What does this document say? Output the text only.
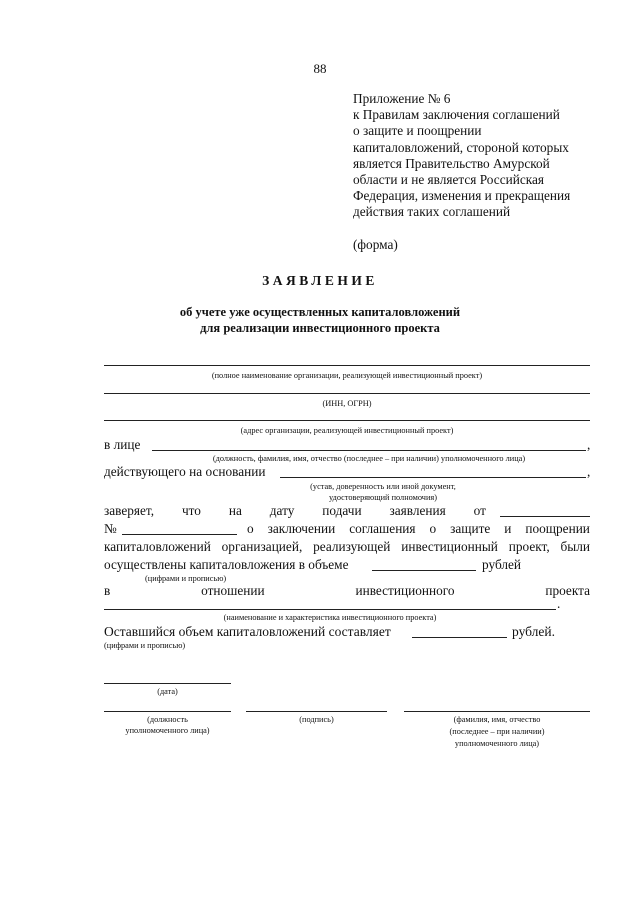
88
Приложение № 6
к Правилам заключения соглашений
о защите и поощрении
капиталовложений, стороной которых
является Правительство Амурской
области и не является Российская
Федерация, изменения и прекращения
действия таких соглашений
(форма)
ЗАЯВЛЕНИЕ
об учете уже осуществленных капиталовложений
для реализации инвестиционного проекта
(полное наименование организации, реализующей инвестиционный проект)
(ИНН, ОГРН)
(адрес организации, реализующей инвестиционный проект)
в лице	,
(должность, фамилия, имя, отчество (последнее – при наличии) уполномоченного лица)
действующего на основании	,
(устав, доверенность или иной документ,
удостоверяющий полномочия)
заверяет, что на дату подачи заявления от
№	о заключении соглашения о защите и поощрении
капиталовложений организацией, реализующей инвестиционный проект, были
осуществлены капиталовложения в объеме	рублей
(цифрами и прописью)
в	отношении	инвестиционного	проекта
.
(наименование и характеристика инвестиционного проекта)
Оставшийся объем капиталовложений составляет	рублей.
(цифрами и прописью)
(дата)
(должность
уполномоченного лица)
(подпись)	(фамилия, имя, отчество
(последнее – при наличии)
уполномоченного лица)
